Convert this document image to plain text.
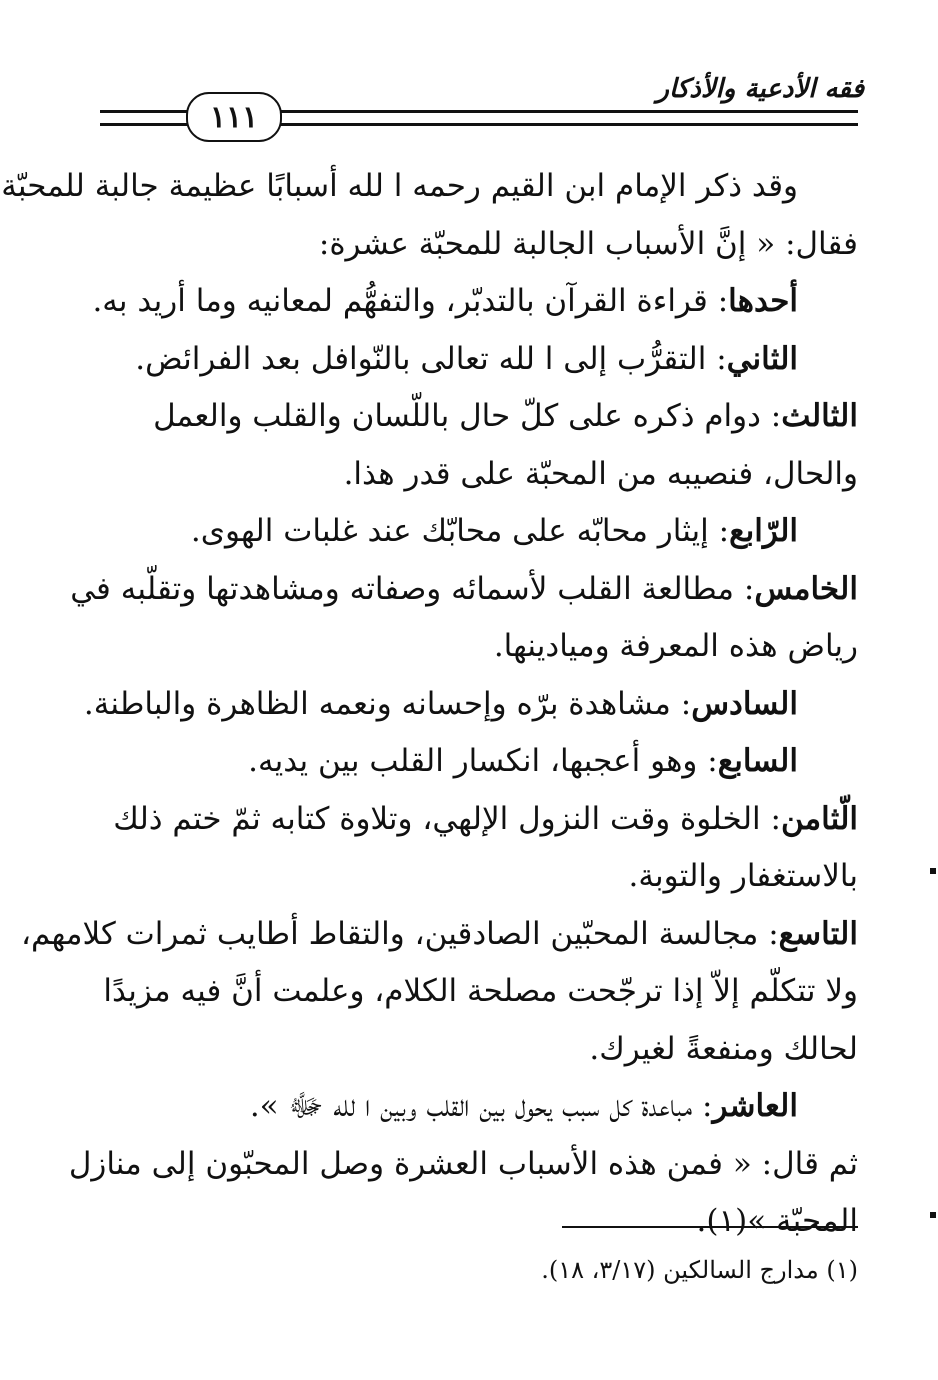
فقه الأدعية والأذكار
١١١
وقد ذكر الإمام ابن القيم رحمه ا لله أسبابًا عظيمة جالبة للمحبّة
فقال: « إنَّ الأسباب الجالبة للمحبّة عشرة:
أحدها: قراءة القرآن بالتدبّر، والتفهُّم لمعانيه وما أريد به.
الثاني: التقرُّب إلى ا لله تعالى بالنّوافل بعد الفرائض.
الثالث: دوام ذكره على كلّ حال باللّسان والقلب والعمل
والحال، فنصيبه من المحبّة على قدر هذا.
الرّابع: إيثار محابّه على محابّك عند غلبات الهوى.
الخامس: مطالعة القلب لأسمائه وصفاته ومشاهدتها وتقلّبه في
رياض هذه المعرفة وميادينها.
السادس: مشاهدة برّه وإحسانه ونعمه الظاهرة والباطنة.
السابع: وهو أعجبها، انكسار القلب بين يديه.
الّثامن: الخلوة وقت النزول الإلهي، وتلاوة كتابه ثمّ ختم ذلك
بالاستغفار والتوبة.
التاسع: مجالسة المحبّين الصادقين، والتقاط أطايب ثمرات كلامهم،
ولا تتكلّم إلاّ إذا ترجّحت مصلحة الكلام، وعلمت أنَّ فيه مزيدًا
لحالك ومنفعةً لغيرك.
العاشر: مباعدة كل سبب يحول بين القلب وبين ا لله ﷻ ».
ثم قال: « فمن هذه الأسباب العشرة وصل المحبّون إلى منازل
المحبّة »(١).
(١) مدارج السالكين (٣/١٧، ١٨).
